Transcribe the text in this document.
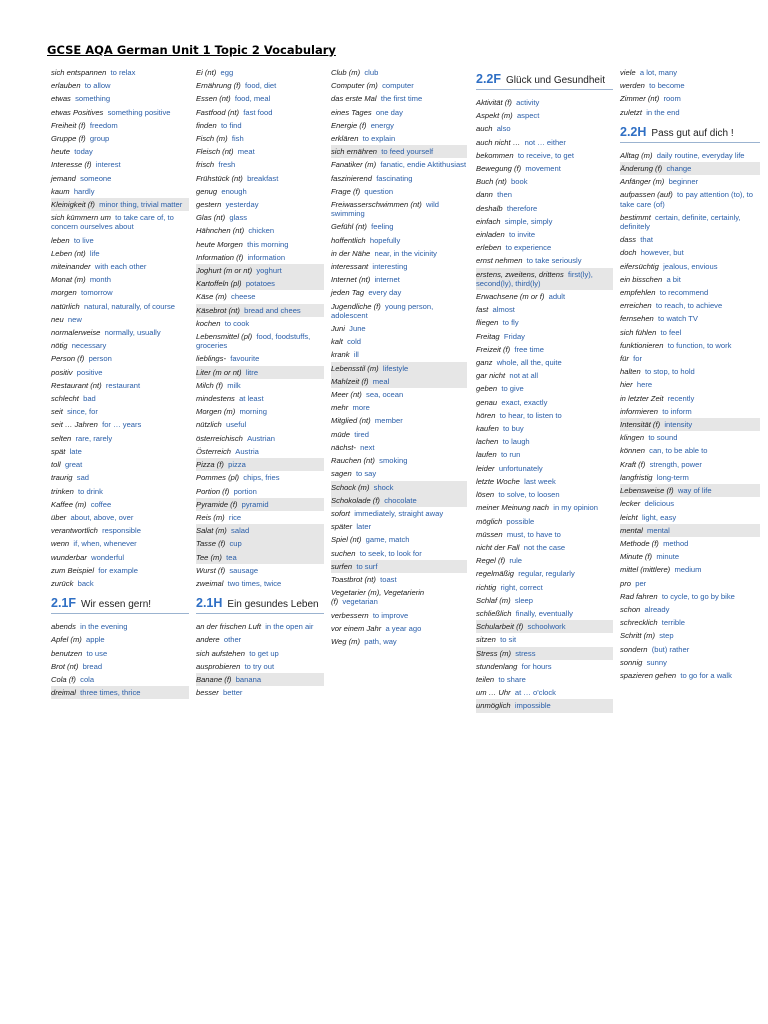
GCSE AQA German Unit 1 Topic 2 Vocabulary
sich entspannen to relax
erlauben to allow
etwas something
etwas Positives something positive
Freiheit (f) freedom
Gruppe (f) group
heute today
Interesse (f) interest
jemand someone
kaum hardly
Kleinigkeit (f) minor thing, trivial matter
sich kümmern um to take care of, to concern ourselves about
leben to live
Leben (nt) life
miteinander with each other
Monat (m) month
morgen tomorrow
natürlich natural, naturally, of course
neu new
normalerweise normally, usually
nötig necessary
Person (f) person
positiv positive
Restaurant (nt) restaurant
schlecht bad
seit since, for
seit … Jahren for … years
selten rare, rarely
spät late
toll great
traurig sad
trinken to drink
Kaffee (m) coffee
über about, above, over
verantwortlich responsible
wenn if, when, whenever
wunderbar wonderful
zum Beispiel for example
zurück back
2.1F Wir essen gern!
abends in the evening
Apfel (m) apple
benutzen to use
Brot (nt) bread
Cola (f) cola
dreimal three times, thrice
Ei (nt) egg
Ernährung (f) food, diet
Essen (nt) food, meal
Fastfood (nt) fast food
finden to find
Fisch (m) fish
Fleisch (nt) meat
frisch fresh
Frühstück (nt) breakfast
genug enough
gestern yesterday
Glas (nt) glass
Hähnchen (nt) chicken
heute Morgen this morning
Information (f) information
Joghurt (m or nt) yoghurt
Kartoffeln (pl) potatoes
Käse (m) cheese
Käsebrot (nt) bread and chees
kochen to cook
Lebensmittel (pl) food, foodstuffs, groceries
lieblings- favourite
Liter (m or nt) litre
Milch (f) milk
mindestens at least
Morgen (m) morning
nützlich useful
österreichisch Austrian
Österreich Austria
Pizza (f) pizza
Pommes (pl) chips, fries
Portion (f) portion
Pyramide (f) pyramid
Reis (m) rice
Salat (m) salad
Tasse (f) cup
Tee (m) tea
Wurst (f) sausage
zweimal two times, twice
2.1H Ein gesundes Leben
an der frischen Luft in the open air
andere other
sich aufstehen to get up
ausprobieren to try out
Banane (f) banana
besser better
Club (m) club
Computer (m) computer
das erste Mal the first time
eines Tages one day
Energie (f) energy
erklären to explain
sich ernähren to feed yourself
Fanatiker (m) fanatic, endie Aktithusiast
faszinierend fascinating
Frage (f) question
Freiwasserschwimmen (nt) wild swimming
Gefühl (nt) feeling
hoffentlich hopefully
in der Nähe near, in the vicinity
interessant interesting
Internet (nt) internet
jeden Tag every day
Jugendliche (f) young person, adolescent
Juni June
kalt cold
krank ill
Lebensstil (m) lifestyle
Mahlzeit (f) meal
Meer (nt) sea, ocean
mehr more
Mitglied (nt) member
müde tired
nächst- next
Rauchen (nt) smoking
sagen to say
Schock (m) shock
Schokolade (f) chocolate
sofort immediately, straight away
später later
Spiel (nt) game, match
suchen to seek, to look for
surfen to surf
Toastbrot (nt) toast
Vegetarier (m), Vegetarierin (f) vegetarian
verbessern to improve
vor einem Jahr a year ago
Weg (m) path, way
2.2F Glück und Gesundheit
Aktivität (f) activity
Aspekt (m) aspect
auch also
auch nicht … not … either
bekommen to receive, to get
Bewegung (f) movement
Buch (nt) book
dann then
deshalb therefore
einfach simple, simply
einladen to invite
erleben to experience
ernst nehmen to take seriously
erstens, zweitens, drittens first(ly), second(ly), third(ly)
Erwachsene (m or f) adult
fast almost
fliegen to fly
Freitag Friday
Freizeit (f) free time
ganz whole, all the, quite
gar nicht not at all
geben to give
genau exact, exactly
hören to hear, to listen to
kaufen to buy
lachen to laugh
laufen to run
leider unfortunately
letzte Woche last week
lösen to solve, to loosen
meiner Meinung nach in my opinion
möglich possible
müssen must, to have to
nicht der Fall not the case
Regel (f) rule
regelmäßig regular, regularly
richtig right, correct
Schlaf (m) sleep
schließlich finally, eventually
Schularbeit (f) schoolwork
sitzen to sit
Stress (m) stress
stundenlang for hours
teilen to share
um … Uhr at … o'clock
unmöglich impossible
viele a lot, many
werden to become
Zimmer (nt) room
zuletzt in the end
2.2H Pass gut auf dich !
Alltag (m) daily routine, everyday life
Änderung (f) change
Anfänger (m) beginner
aufpassen (auf) to pay attention (to), to take care (of)
bestimmt certain, definite, certainly, definitely
dass that
doch however, but
eifersüchtig jealous, envious
ein bisschen a bit
empfehlen to recommend
erreichen to reach, to achieve
fernsehen to watch TV
sich fühlen to feel
funktionieren to function, to work
für for
halten to stop, to hold
hier here
in letzter Zeit recently
informieren to inform
Intensität (f) intensity
klingen to sound
können can, to be able to
Kraft (f) strength, power
langfristig long-term
Lebensweise (f) way of life
lecker delicious
leicht light, easy
mental mental
Methode (f) method
Minute (f) minute
mittel (mittlere) medium
pro per
Rad fahren to cycle, to go by bike
schon already
schrecklich terrible
Schritt (m) step
sondern (but) rather
sonnig sunny
spazieren gehen to go for a walk
